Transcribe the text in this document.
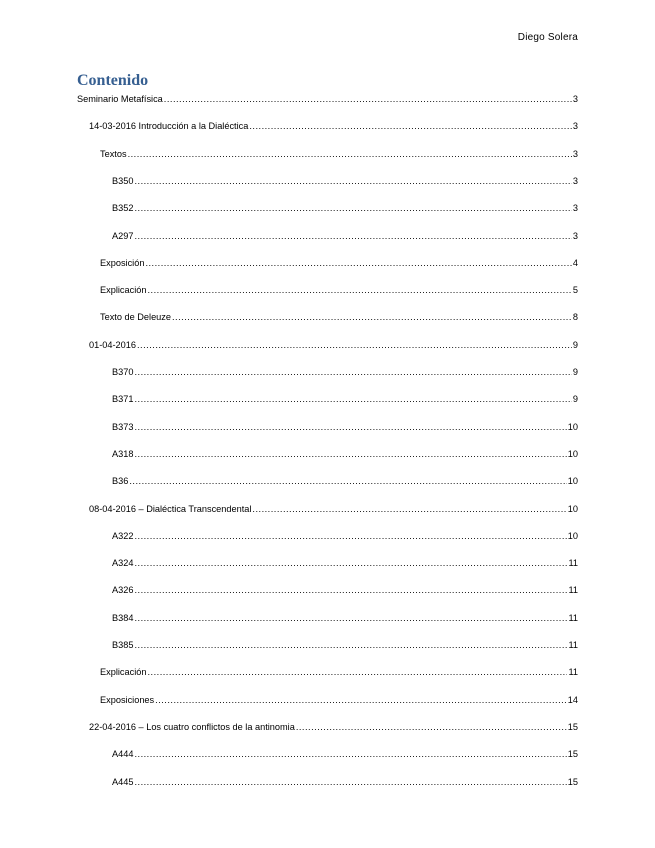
Diego Solera
Contenido
Seminario Metafísica .....	3
14-03-2016 Introducción a la Dialéctica .....	3
Textos .....	3
B350 .....	3
B352 .....	3
A297 .....	3
Exposición .....	4
Explicación .....	5
Texto de Deleuze .....	8
01-04-2016 .....	9
B370 .....	9
B371 .....	9
B373 .....	10
A318 .....	10
B36 .....	10
08-04-2016 – Dialéctica Transcendental .....	10
A322 .....	10
A324 .....	11
A326 .....	11
B384 .....	11
B385 .....	11
Explicación .....	11
Exposiciones .....	14
22-04-2016 – Los cuatro conflictos de la antinomia .....	15
A444 .....	15
A445 .....	15
